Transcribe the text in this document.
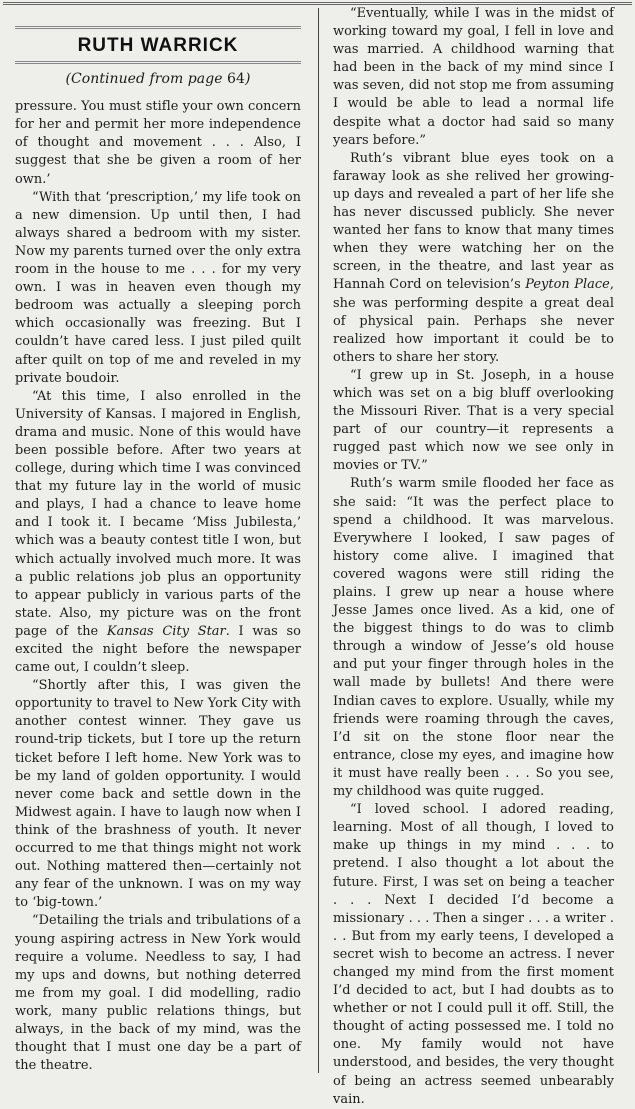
RUTH WARRICK
(Continued from page 64)

pressure. You must stifle your own concern for her and permit her more independence of thought and movement . . . Also, I suggest that she be given a room of her own.’

“With that ‘prescription,’ my life took on a new dimension. Up until then, I had always shared a bedroom with my sister. Now my parents turned over the only extra room in the house to me . . . for my very own. I was in heaven even though my bedroom was actually a sleeping porch which occasionally was freezing. But I couldn’t have cared less. I just piled quilt after quilt on top of me and reveled in my private boudoir.

“At this time, I also enrolled in the University of Kansas. I majored in English, drama and music. None of this would have been possible before. After two years at college, during which time I was convinced that my future lay in the world of music and plays, I had a chance to leave home and I took it. I became ‘Miss Jubilesta,’ which was a beauty contest title I won, but which actually involved much more. It was a public relations job plus an opportunity to appear publicly in various parts of the state. Also, my picture was on the front page of the Kansas City Star. I was so excited the night before the newspaper came out, I couldn’t sleep.

“Shortly after this, I was given the opportunity to travel to New York City with another contest winner. They gave us round-trip tickets, but I tore up the return ticket before I left home. New York was to be my land of golden opportunity. I would never come back and settle down in the Midwest again. I have to laugh now when I think of the brashness of youth. It never occurred to me that things might not work out. Nothing mattered then—certainly not any fear of the unknown. I was on my way to ‘big-town.’

“Detailing the trials and tribulations of a young aspiring actress in New York would require a volume. Needless to say, I had my ups and downs, but nothing deterred me from my goal. I did modelling, radio work, many public relations things, but always, in the back of my mind, was the thought that I must one day be a part of the theatre.

“Eventually, while I was in the midst of working toward my goal, I fell in love and was married. A childhood warning that had been in the back of my mind since I was seven, did not stop me from assuming I would be able to lead a normal life despite what a doctor had said so many years before.”

Ruth’s vibrant blue eyes took on a faraway look as she relived her growing-up days and revealed a part of her life she has never discussed publicly. She never wanted her fans to know that many times when they were watching her on the screen, in the theatre, and last year as Hannah Cord on television’s Peyton Place, she was performing despite a great deal of physical pain. Perhaps she never realized how important it could be to others to share her story.

“I grew up in St. Joseph, in a house which was set on a big bluff overlooking the Missouri River. That is a very special part of our country—it represents a rugged past which now we see only in movies or TV.”

Ruth’s warm smile flooded her face as she said: “It was the perfect place to spend a childhood. It was marvelous. Everywhere I looked, I saw pages of history come alive. I imagined that covered wagons were still riding the plains. I grew up near a house where Jesse James once lived. As a kid, one of the biggest things to do was to climb through a window of Jesse’s old house and put your finger through holes in the wall made by bullets! And there were Indian caves to explore. Usually, while my friends were roaming through the caves, I’d sit on the stone floor near the entrance, close my eyes, and imagine how it must have really been . . . So you see, my childhood was quite rugged.

“I loved school. I adored reading, learning. Most of all though, I loved to make up things in my mind . . . to pretend. I also thought a lot about the future. First, I was set on being a teacher . . . Next I decided I’d become a missionary . . . Then a singer . . . a writer . . . But from my early teens, I developed a secret wish to become an actress. I never changed my mind from the first moment I’d decided to act, but I had doubts as to whether or not I could pull it off. Still, the thought of acting possessed me. I told no one. My family would not have understood, and besides, the very thought of being an actress seemed unbearably vain.
